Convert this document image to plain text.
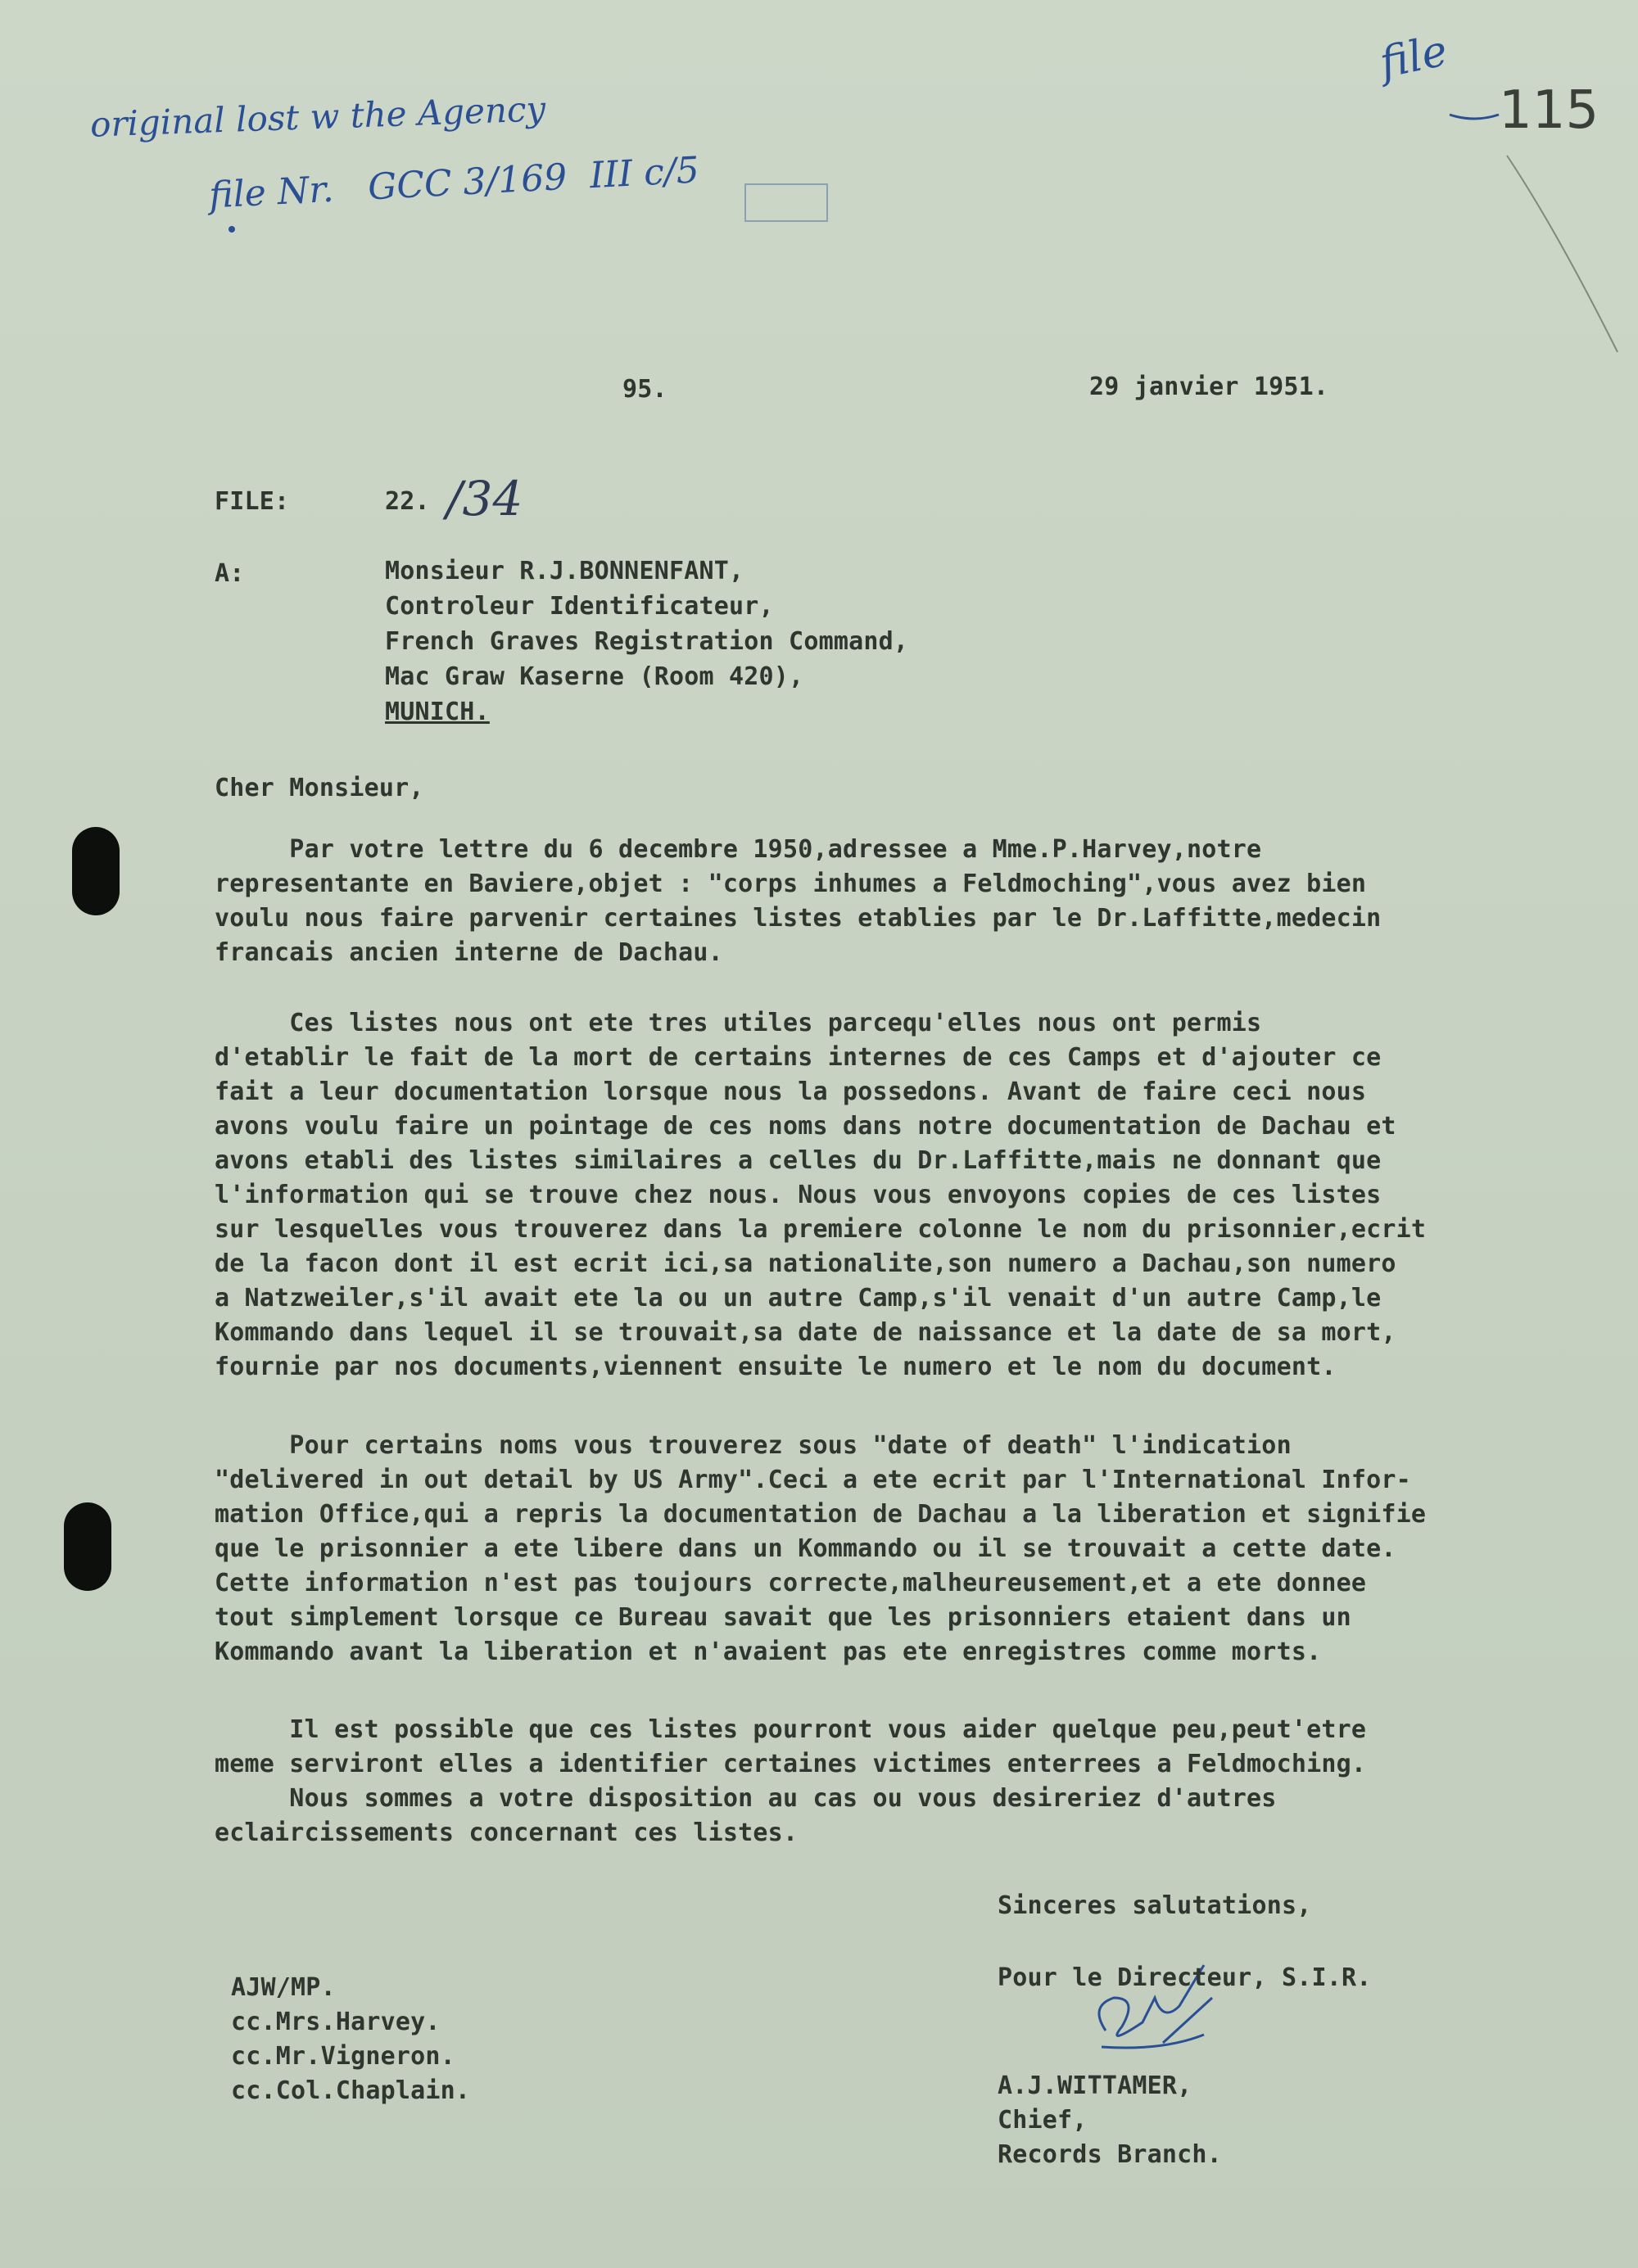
original lost w the Agency
file Nr.   GCC 3/169  III c/5
file
115
95.	29 janvier 1951.
FILE:	22. /34
A:	Monsieur R.J.BONNENFANT,
Controleur Identificateur,
French Graves Registration Command,
Mac Graw Kaserne (Room 420),
MUNICH.
Cher Monsieur,
Par votre lettre du 6 decembre 1950,adressee a Mme.P.Harvey,notre
representante en Baviere,objet : "corps inhumes a Feldmoching",vous avez bien
voulu nous faire parvenir certaines listes etablies par le Dr.Laffitte,medecin
francais ancien interne de Dachau.
Ces listes nous ont ete tres utiles parcequ'elles nous ont permis
d'etablir le fait de la mort de certains internes de ces Camps et d'ajouter ce
fait a leur documentation lorsque nous la possedons. Avant de faire ceci nous
avons voulu faire un pointage de ces noms dans notre documentation de Dachau et
avons etabli des listes similaires a celles du Dr.Laffitte,mais ne donnant que
l'information qui se trouve chez nous. Nous vous envoyons copies de ces listes
sur lesquelles vous trouverez dans la premiere colonne le nom du prisonnier,ecrit
de la facon dont il est ecrit ici,sa nationalite,son numero a Dachau,son numero
a Natzweiler,s'il avait ete la ou un autre Camp,s'il venait d'un autre Camp,le
Kommando dans lequel il se trouvait,sa date de naissance et la date de sa mort,
fournie par nos documents,viennent ensuite le numero et le nom du document.
Pour certains noms vous trouverez sous "date of death" l'indication
"delivered in out detail by US Army".Ceci a ete ecrit par l'International Infor-
mation Office,qui a repris la documentation de Dachau a la liberation et signifie
que le prisonnier a ete libere dans un Kommando ou il se trouvait a cette date.
Cette information n'est pas toujours correcte,malheureusement,et a ete donnee
tout simplement lorsque ce Bureau savait que les prisonniers etaient dans un
Kommando avant la liberation et n'avaient pas ete enregistres comme morts.
Il est possible que ces listes pourront vous aider quelque peu,peut'etre
meme serviront elles a identifier certaines victimes enterrees a Feldmoching.
Nous sommes a votre disposition au cas ou vous desireriez d'autres
eclaircissements concernant ces listes.
Sinceres salutations,
Pour le Directeur, S.I.R.
A.J.WITTAMER,
Chief,
Records Branch.
AJW/MP.
cc.Mrs.Harvey.
cc.Mr.Vigneron.
cc.Col.Chaplain.
